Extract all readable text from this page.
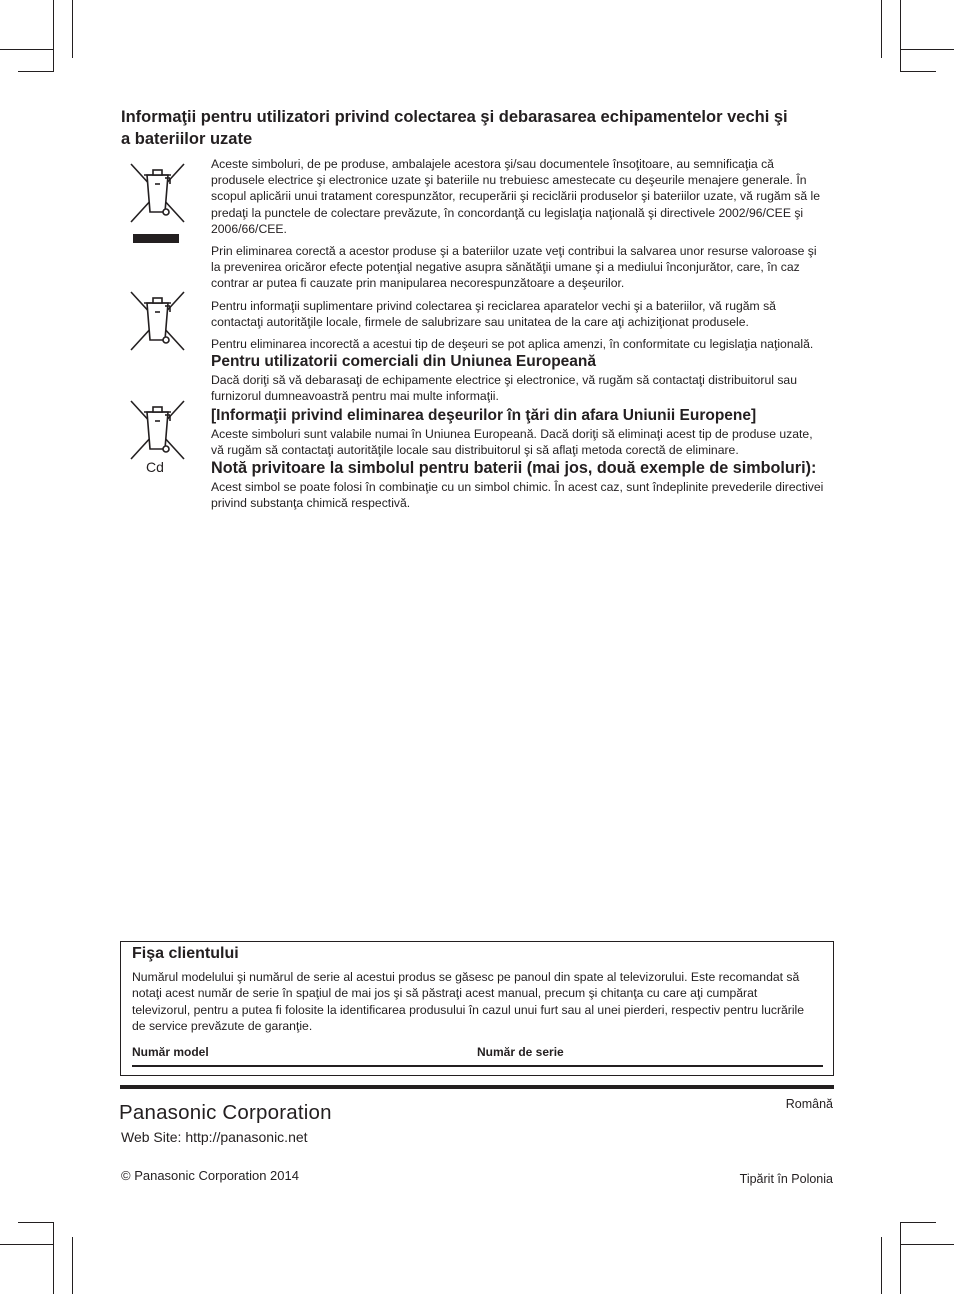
Informaţii pentru utilizatori privind colectarea şi debarasarea echipamentelor vechi şi
a bateriilor uzate
Cd

Aceste simboluri, de pe produse, ambalajele acestora şi/sau documentele însoţitoare, au semnificaţia că produsele electrice şi electronice uzate şi bateriile nu trebuiesc amestecate cu deşeurile menajere generale. În scopul aplicării unui tratament corespunzător, recuperării şi reciclării produselor şi bateriilor uzate, vă rugăm să le predaţi la punctele de colectare prevăzute, în concordanţă cu legislaţia naţională şi directivele 2002/96/CEE şi 2006/66/CEE.

Prin eliminarea corectă a acestor produse şi a bateriilor uzate veţi contribui la salvarea unor resurse valoroase şi la prevenirea oricăror efecte potenţial negative asupra sănătăţii umane şi a mediului înconjurător, care, în caz contrar ar putea fi cauzate prin manipularea necorespunzătoare a deşeurilor.

Pentru informaţii suplimentare privind colectarea şi reciclarea aparatelor vechi şi a bateriilor, vă rugăm să contactaţi autorităţile locale, firmele de salubrizare sau unitatea de la care aţi achiziţionat produsele.

Pentru eliminarea incorectă a acestui tip de deşeuri se pot aplica amenzi, în conformitate cu legislaţia naţională.

Pentru utilizatorii comerciali din Uniunea Europeană

Dacă doriţi să vă debarasaţi de echipamente electrice şi electronice, vă rugăm să contactaţi distribuitorul sau furnizorul dumneavoastră pentru mai multe informaţii.

[Informaţii privind eliminarea deşeurilor în ţări din afara Uniunii Europene]

Aceste simboluri sunt valabile numai în Uniunea Europeană. Dacă doriţi să eliminaţi acest tip de produse uzate, vă rugăm să contactaţi autorităţile locale sau distribuitorul şi să aflaţi metoda corectă de eliminare.

Notă privitoare la simbolul pentru baterii (mai jos, două exemple de simboluri):

Acest simbol se poate folosi în combinaţie cu un simbol chimic. În acest caz, sunt îndeplinite prevederile directivei privind substanţa chimică respectivă.

Fişa clientului

Numărul modelului şi numărul de serie al acestui produs se găsesc pe panoul din spate al televizorului. Este recomandat să notaţi acest număr de serie în spaţiul de mai jos şi să păstraţi acest manual, precum şi chitanţa cu care aţi cumpărat televizorul, pentru a putea fi folosite la identificarea produsului în cazul unui furt sau al unei pierderi, respectiv pentru lucrările de service prevăzute de garanţie.

Număr model	Număr de serie
Panasonic Corporation	Română
Web Site: http://panasonic.net
© Panasonic Corporation 2014	Tipărit în Polonia
